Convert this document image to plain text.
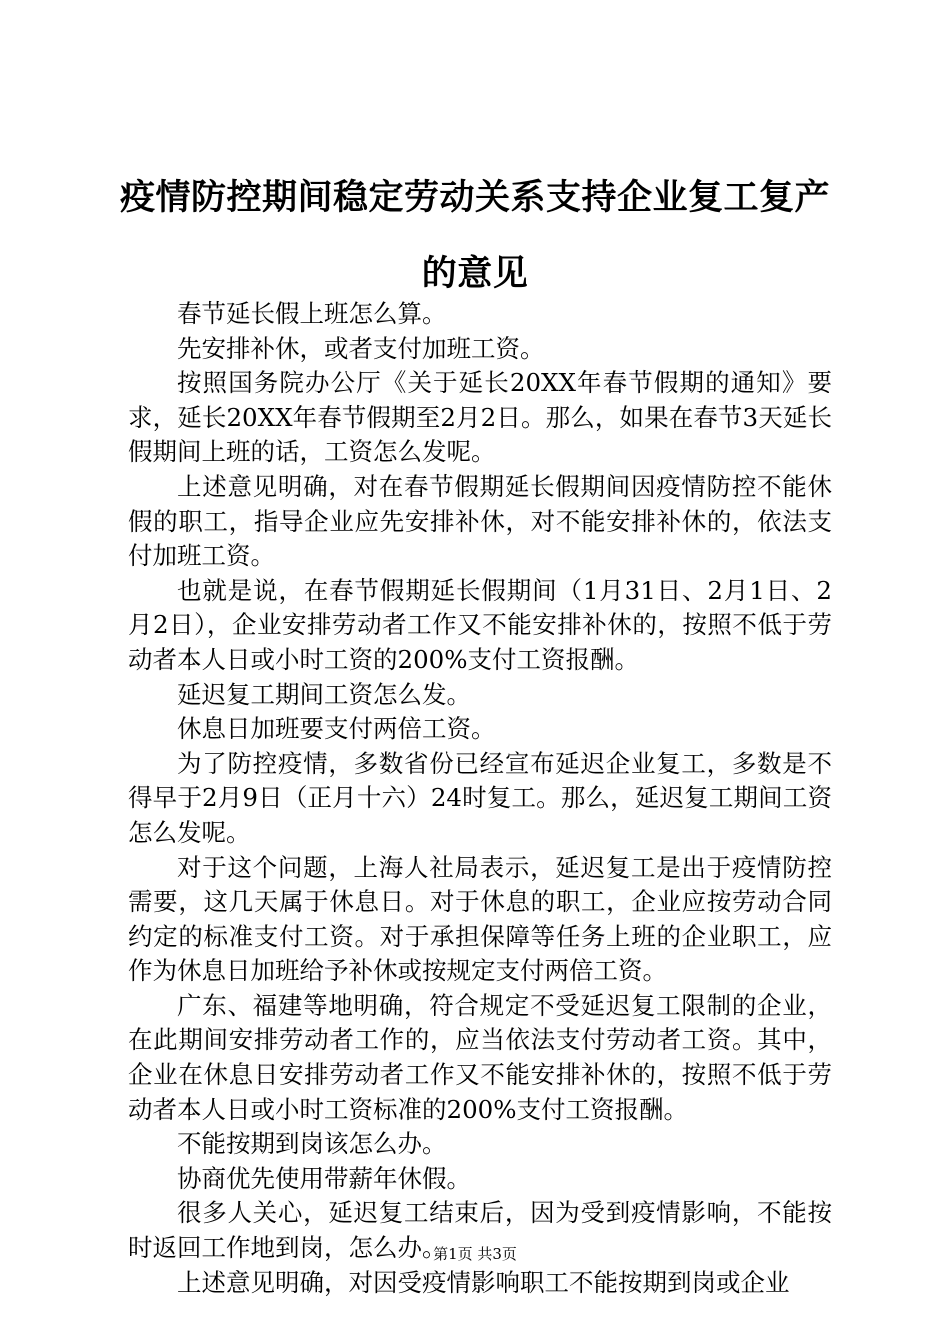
疫情防控期间稳定劳动关系支持企业复工复产的意见

春节延长假上班怎么算。

先安排补休，或者支付加班工资。

按照国务院办公厅《关于延长20XX年春节假期的通知》要求，延长20XX年春节假期至2月2日。那么，如果在春节3天延长假期间上班的话，工资怎么发呢。

上述意见明确，对在春节假期延长假期间因疫情防控不能休假的职工，指导企业应先安排补休，对不能安排补休的，依法支付加班工资。

也就是说，在春节假期延长假期间（1月31日、2月1日、2月2日），企业安排劳动者工作又不能安排补休的，按照不低于劳动者本人日或小时工资的200%支付工资报酬。

延迟复工期间工资怎么发。

休息日加班要支付两倍工资。

为了防控疫情，多数省份已经宣布延迟企业复工，多数是不得早于2月9日（正月十六）24时复工。那么，延迟复工期间工资怎么发呢。

对于这个问题，上海人社局表示，延迟复工是出于疫情防控需要，这几天属于休息日。对于休息的职工，企业应按劳动合同约定的标准支付工资。对于承担保障等任务上班的企业职工，应作为休息日加班给予补休或按规定支付两倍工资。

广东、福建等地明确，符合规定不受延迟复工限制的企业，在此期间安排劳动者工作的，应当依法支付劳动者工资。其中，企业在休息日安排劳动者工作又不能安排补休的，按照不低于劳动者本人日或小时工资标准的200%支付工资报酬。

不能按期到岗该怎么办。

协商优先使用带薪年休假。

很多人关心，延迟复工结束后，因为受到疫情影响，不能按时返回工作地到岗，怎么办。

上述意见明确，对因受疫情影响职工不能按期到岗或企业

第1页 共3页
